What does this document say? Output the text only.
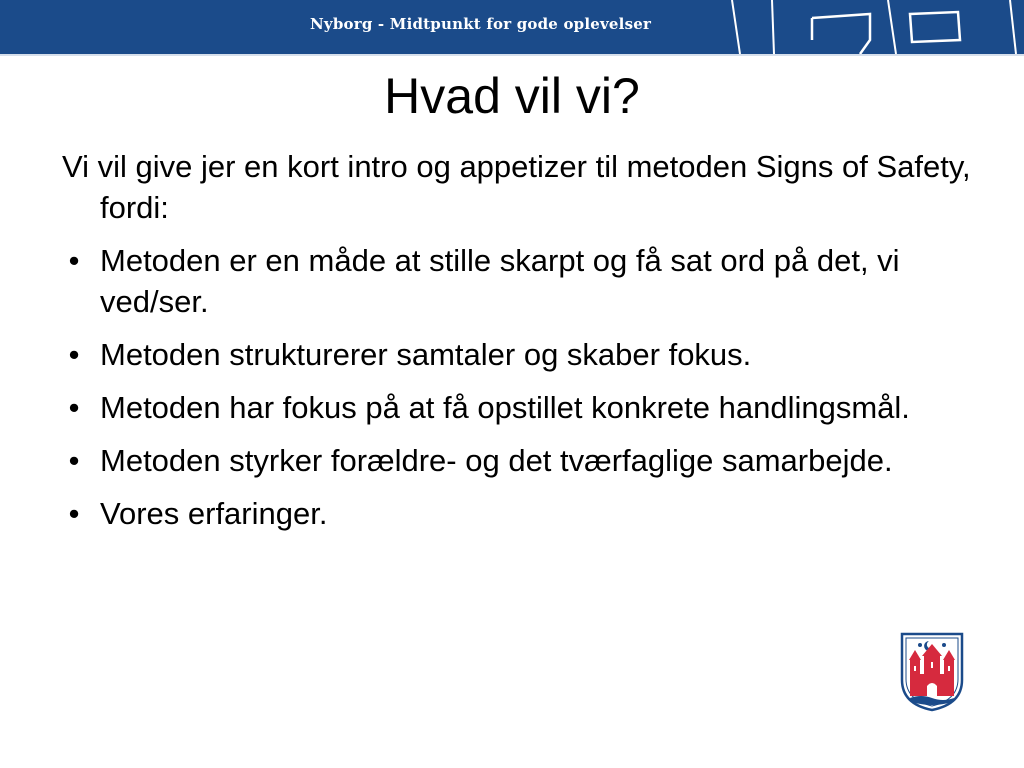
Nyborg - Midtpunkt for gode oplevelser
Hvad vil vi?
Vi vil give jer en kort intro og appetizer til metoden Signs of Safety, fordi:
• Metoden er en måde at stille skarpt og få sat ord på det, vi ved/ser.
• Metoden strukturerer samtaler og skaber fokus.
• Metoden har fokus på at få opstillet konkrete handlingsmål.
• Metoden styrker forældre- og det tværfaglige samarbejde.
• Vores erfaringer.
